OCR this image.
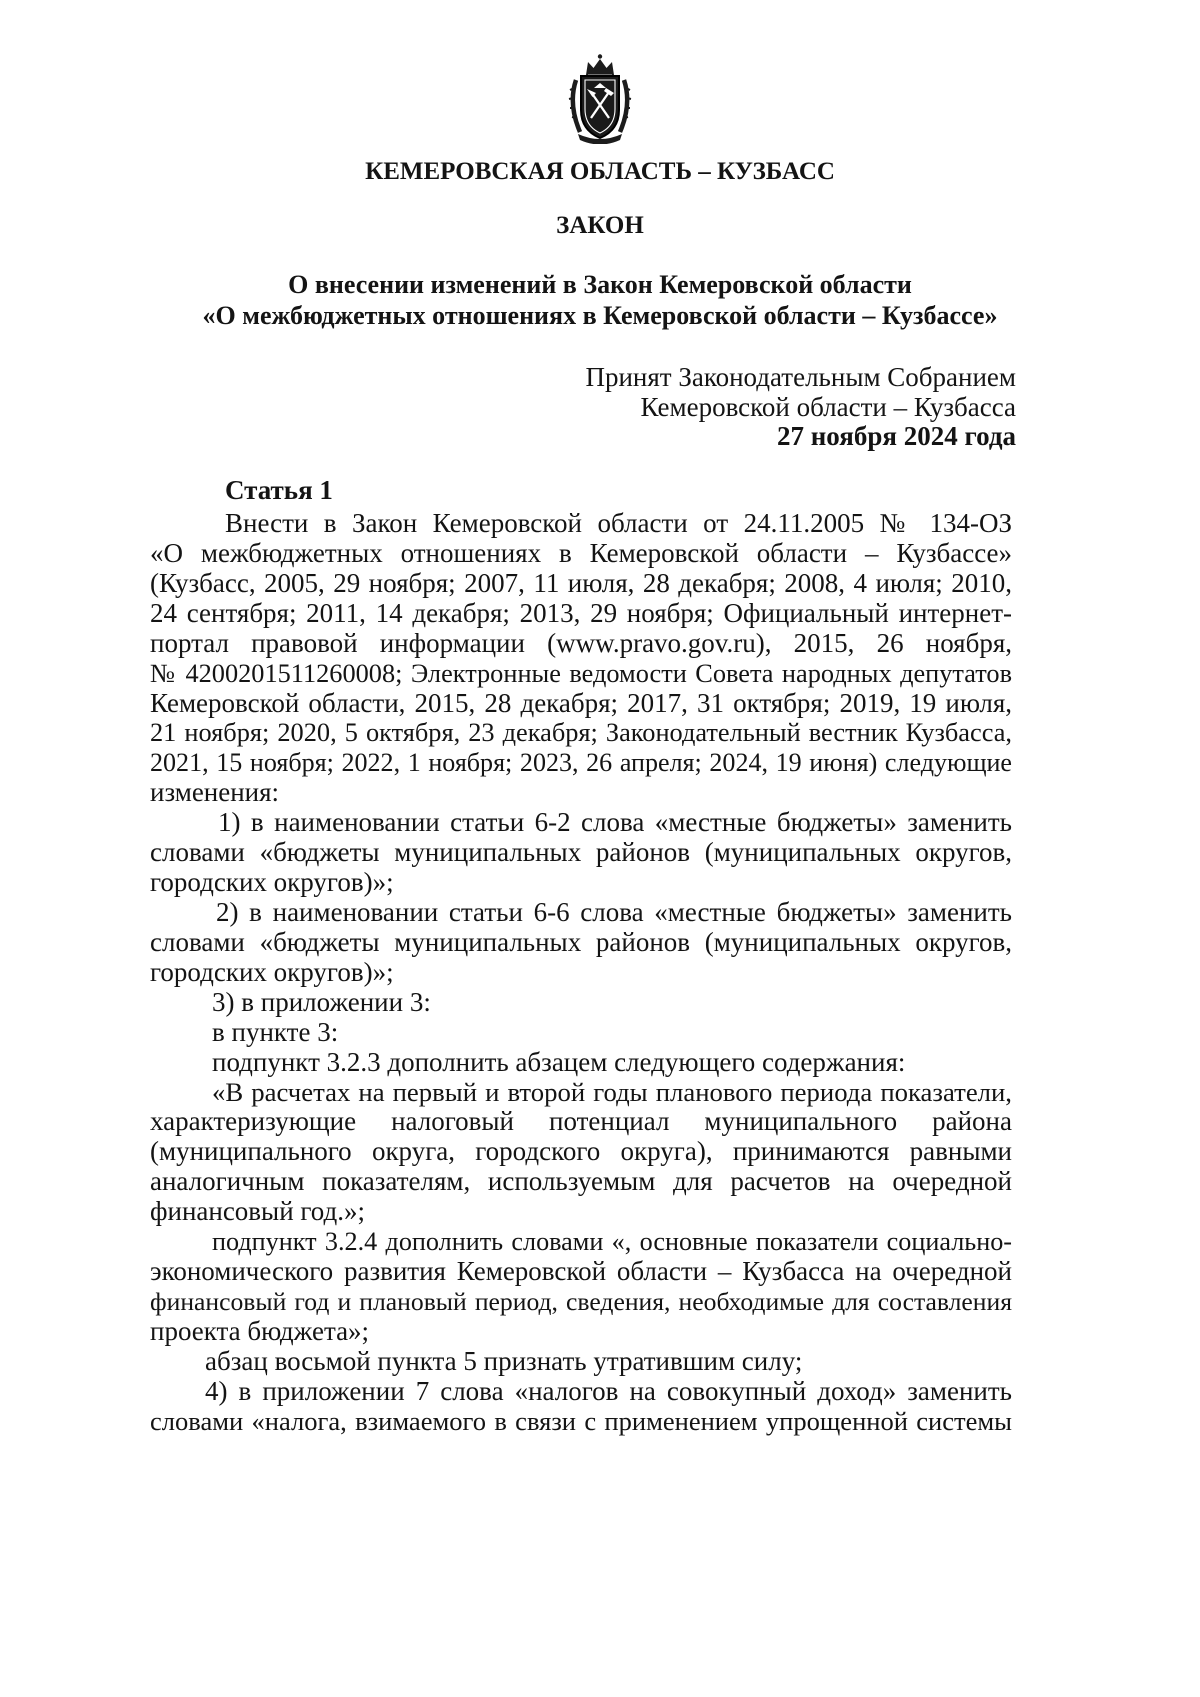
КЕМЕРОВСКАЯ ОБЛАСТЬ – КУЗБАСС
ЗАКОН
О внесении изменений в Закон Кемеровской области
«О межбюджетных отношениях в Кемеровской области – Кузбассе»
Принят Законодательным Собранием
Кемеровской области – Кузбасса
27 ноября 2024 года
Статья 1
Внести в Закон Кемеровской области от 24.11.2005 № 134-ОЗ
«О межбюджетных отношениях в Кемеровской области – Кузбассе»
(Кузбасс, 2005, 29 ноября; 2007, 11 июля, 28 декабря; 2008, 4 июля; 2010,
24 сентября; 2011, 14 декабря; 2013, 29 ноября; Официальный интернет-
портал правовой информации (www.pravo.gov.ru), 2015, 26 ноября,
№ 4200201511260008; Электронные ведомости Совета народных депутатов
Кемеровской области, 2015, 28 декабря; 2017, 31 октября; 2019, 19 июля,
21 ноября; 2020, 5 октября, 23 декабря; Законодательный вестник Кузбасса,
2021, 15 ноября; 2022, 1 ноября; 2023, 26 апреля; 2024, 19 июня) следующие
изменения:
1) в наименовании статьи 6-2 слова «местные бюджеты» заменить
словами «бюджеты муниципальных районов (муниципальных округов,
городских округов)»;
2) в наименовании статьи 6-6 слова «местные бюджеты» заменить
словами «бюджеты муниципальных районов (муниципальных округов,
городских округов)»;
3) в приложении 3:
в пункте 3:
подпункт 3.2.3 дополнить абзацем следующего содержания:
«В расчетах на первый и второй годы планового периода показатели,
характеризующие налоговый потенциал муниципального района
(муниципального округа, городского округа), принимаются равными
аналогичным показателям, используемым для расчетов на очередной
финансовый год.»;
подпункт 3.2.4 дополнить словами «, основные показатели социально-
экономического развития Кемеровской области – Кузбасса на очередной
финансовый год и плановый период, сведения, необходимые для составления
проекта бюджета»;
абзац восьмой пункта 5 признать утратившим силу;
4) в приложении 7 слова «налогов на совокупный доход» заменить
словами «налога, взимаемого в связи с применением упрощенной системы
